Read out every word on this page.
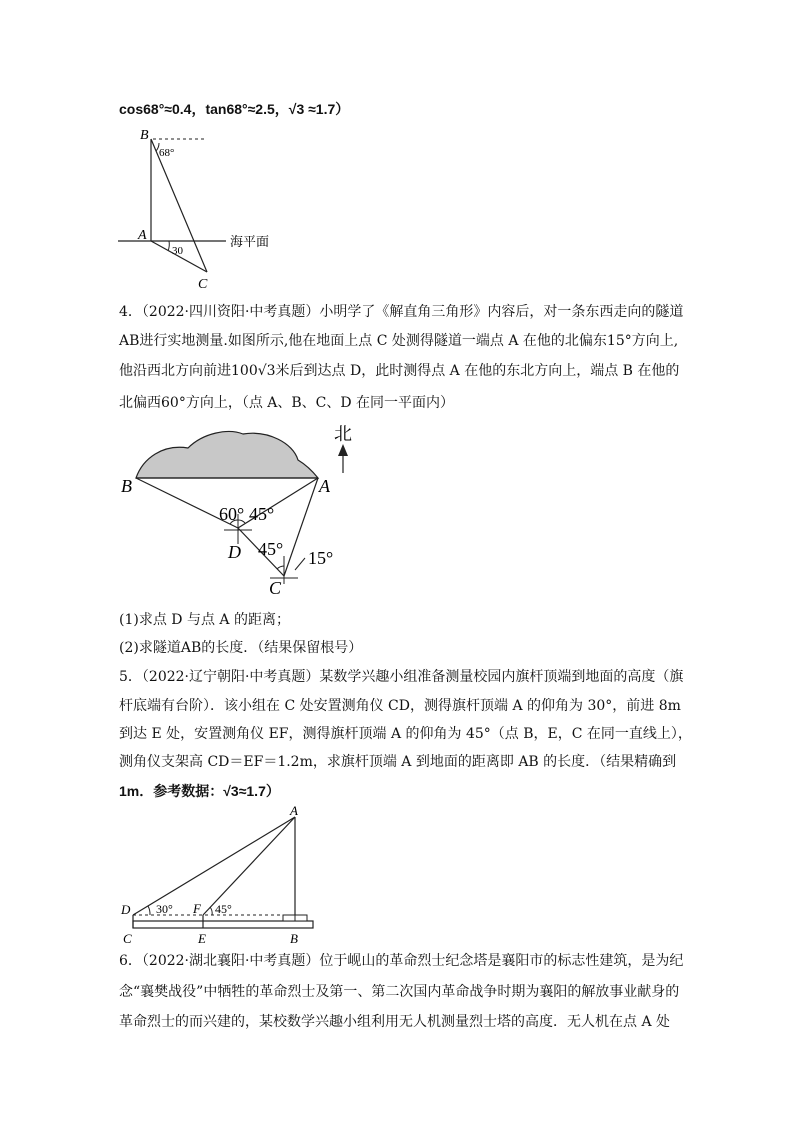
cos68°≈0.4，tan68°≈2.5，√3 ≈1.7）
B
68°
A
30
海平面
C
4．（2022·四川资阳·中考真题）小明学了《解直角三角形》内容后，对一条东西走向的隧道
AB进行实地测量.如图所示,他在地面上点 C 处测得隧道一端点 A 在他的北偏东15°方向上,
他沿西北方向前进100√3米后到达点 D，此时测得点 A 在他的东北方向上，端点 B 在他的
北偏西60°方向上，（点 A、B、C、D 在同一平面内）
北
B	A
60° 45°
D 45° 15°
C
(1)求点 D 与点 A 的距离；
(2)求隧道AB的长度．（结果保留根号）
5．（2022·辽宁朝阳·中考真题）某数学兴趣小组准备测量校园内旗杆顶端到地面的高度（旗
杆底端有台阶）．该小组在 C 处安置测角仪 CD，测得旗杆顶端 A 的仰角为 30°，前进 8m
到达 E 处，安置测角仪 EF，测得旗杆顶端 A 的仰角为 45°（点 B，E，C 在同一直线上），
测角仪支架高 CD＝EF＝1.2m，求旗杆顶端 A 到地面的距离即 AB 的长度．（结果精确到
1m．参考数据：√3≈1.7）
A
D 30° F 45°
C	E	B
6．（2022·湖北襄阳·中考真题）位于岘山的革命烈士纪念塔是襄阳市的标志性建筑，是为纪
念“襄樊战役”中牺牲的革命烈士及第一、第二次国内革命战争时期为襄阳的解放事业献身的
革命烈士的而兴建的，某校数学兴趣小组利用无人机测量烈士塔的高度．无人机在点 A 处
